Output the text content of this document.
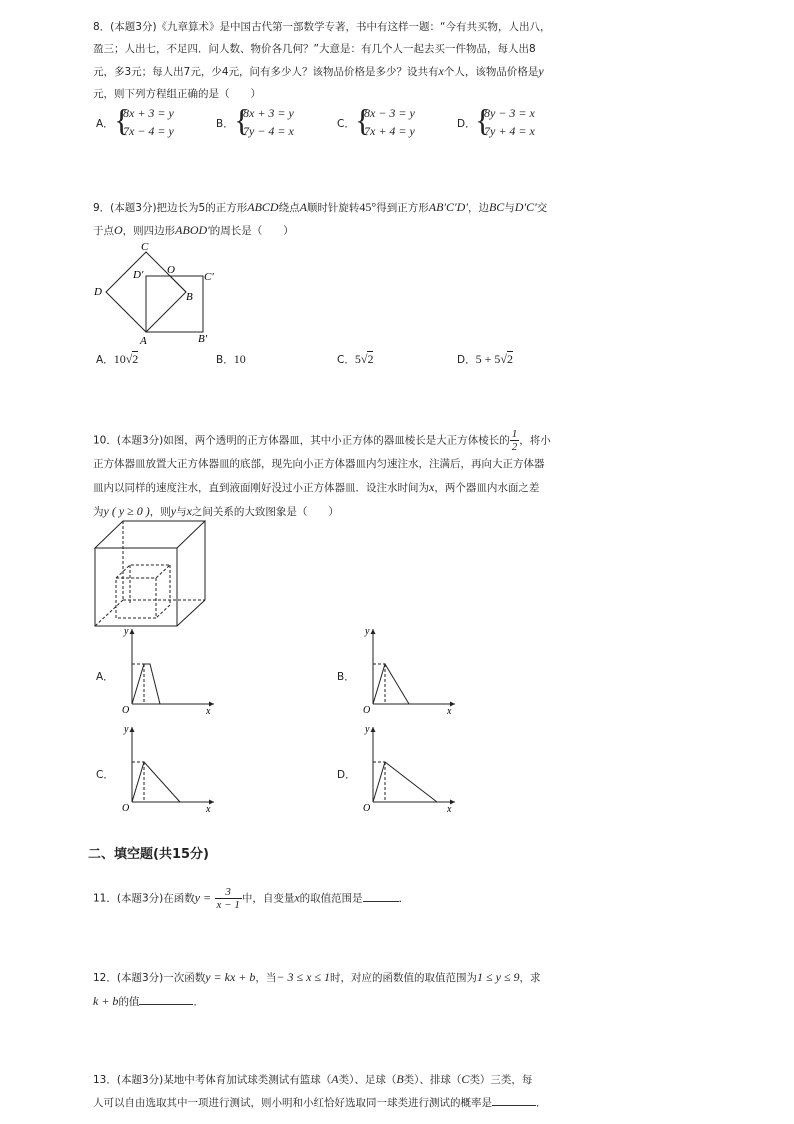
8．(本题3分)《九章算术》是中国古代第一部数学专著，书中有这样一题：“今有共买物，人出八，
盈三；人出七，不足四．问人数、物价各几何？”大意是：有几个人一起去买一件物品，每人出8
元，多3元；每人出7元，少4元，问有多少人？该物品价格是多少？设共有x个人，该物品价格是y
元，则下列方程组正确的是（　　）
A． {
8x + 3 = y
7x − 4 = y	B． {
8x + 3 = y
7y − 4 = x	C． {
8x − 3 = y
7x + 4 = y	D． {
8y − 3 = x
7y + 4 = x
9．(本题3分)把边长为5的正方形ABCD绕点A顺时针旋转45°得到正方形AB′C′D′，边BC与D′C′交
于点O，则四边形ABOD′的周长是（　　）
C
D′ O
C′
D	B
A	B′
A．10√2	B．10	C．5√2	D．5 + 5√2
10．(本题3分)如图，两个透明的正方体器皿，其中小正方体的器皿棱长是大正方体棱长的 $\frac{1}{2}$ ，将小
正方体器皿放置大正方体器皿的底部，现先向小正方体器皿内匀速注水，注满后，再向大正方体器
皿内以同样的速度注水，直到液面刚好没过小正方体器皿．设注水时间为x，两个器皿内水面之差
为y ( y ≥ 0 )，则y与x之间关系的大致图象是（　　）
A．
y
x
O
B．
y
x
O
C．
y
x
O
D．
y
x
O
二、填空题(共15分)
11．(本题3分)在函数$y = \frac{3}{x - 1}$ 中，自变量x的取值范围是	．
12．(本题3分)一次函数y = kx + b，当− 3 ≤ x ≤ 1时，对应的函数值的取值范围为1 ≤ y ≤ 9，求
k + b的值	．
13．(本题3分)某地中考体育加试球类测试有篮球（A类）、足球（B类）、排球（C类）三类，每
人可以自由选取其中一项进行测试，则小明和小红恰好选取同一球类进行测试的概率是	．
